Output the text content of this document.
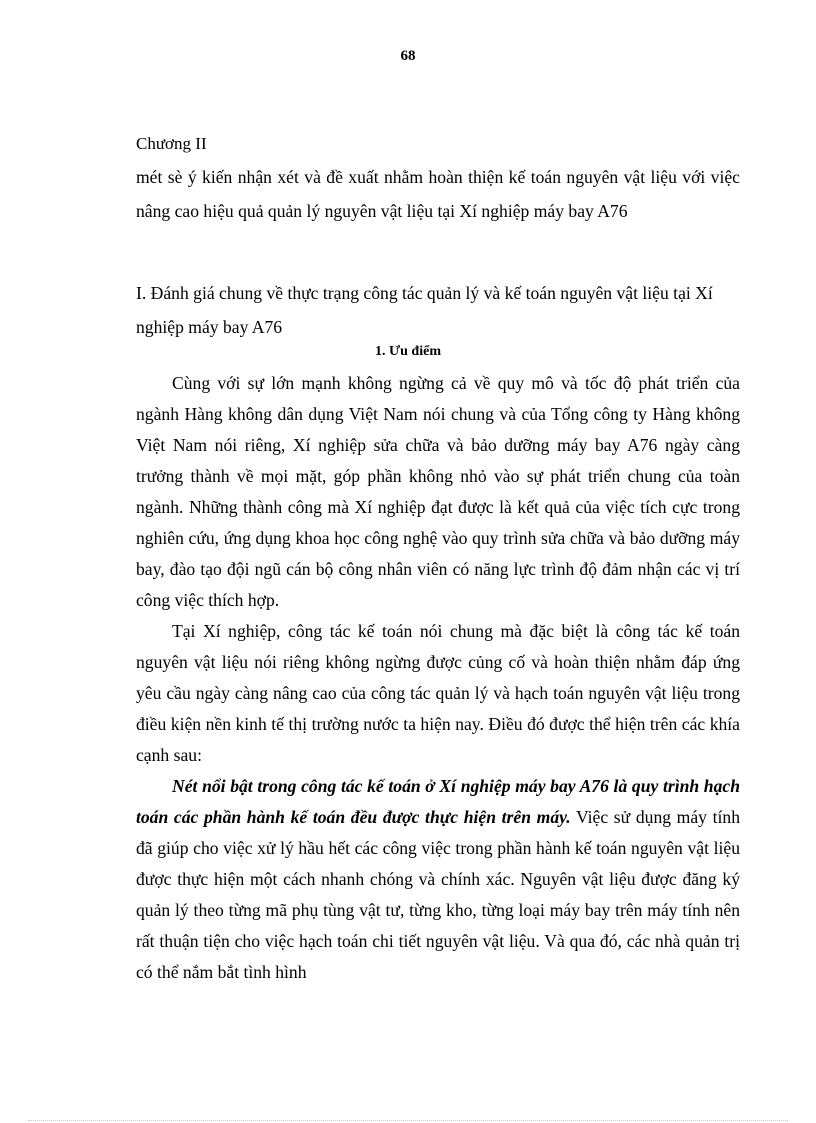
68
Chương II
mét sè ý kiến nhận xét và đề xuất nhằm hoàn thiện kế toán nguyên vật liệu với việc nâng cao hiệu quả quản lý nguyên vật liệu tại Xí nghiệp máy bay A76
I. Đánh giá chung về thực trạng công tác quản lý và kế toán nguyên vật liệu tại Xí nghiệp máy bay A76
1. Ưu điểm

Cùng với sự lớn mạnh không ngừng cả về quy mô và tốc độ phát triển của ngành Hàng không dân dụng Việt Nam nói chung và của Tổng công ty Hàng không Việt Nam nói riêng, Xí nghiệp sửa chữa và bảo dưỡng máy bay A76 ngày càng trưởng thành về mọi mặt, góp phần không nhỏ vào sự phát triển chung của toàn ngành. Những thành công mà Xí nghiệp đạt được là kết quả của việc tích cực trong nghiên cứu, ứng dụng khoa học công nghệ vào quy trình sửa chữa và bảo dưỡng máy bay, đào tạo đội ngũ cán bộ công nhân viên có năng lực trình độ đảm nhận các vị trí công việc thích hợp.

Tại Xí nghiệp, công tác kế toán nói chung mà đặc biệt là công tác kế toán nguyên vật liệu nói riêng không ngừng được củng cố và hoàn thiện nhằm đáp ứng yêu cầu ngày càng nâng cao của công tác quản lý và hạch toán nguyên vật liệu trong điều kiện nền kinh tế thị trường nước ta hiện nay. Điều đó được thể hiện trên các khía cạnh sau:

Nét nổi bật trong công tác kế toán ở Xí nghiệp máy bay A76 là quy trình hạch toán các phần hành kế toán đều được thực hiện trên máy. Việc sử dụng máy tính đã giúp cho việc xử lý hầu hết các công việc trong phần hành kế toán nguyên vật liệu được thực hiện một cách nhanh chóng và chính xác. Nguyên vật liệu được đăng ký quản lý theo từng mã phụ tùng vật tư, từng kho, từng loại máy bay trên máy tính nên rất thuận tiện cho việc hạch toán chi tiết nguyên vật liệu. Và qua đó, các nhà quản trị có thể nắm bắt tình hình
